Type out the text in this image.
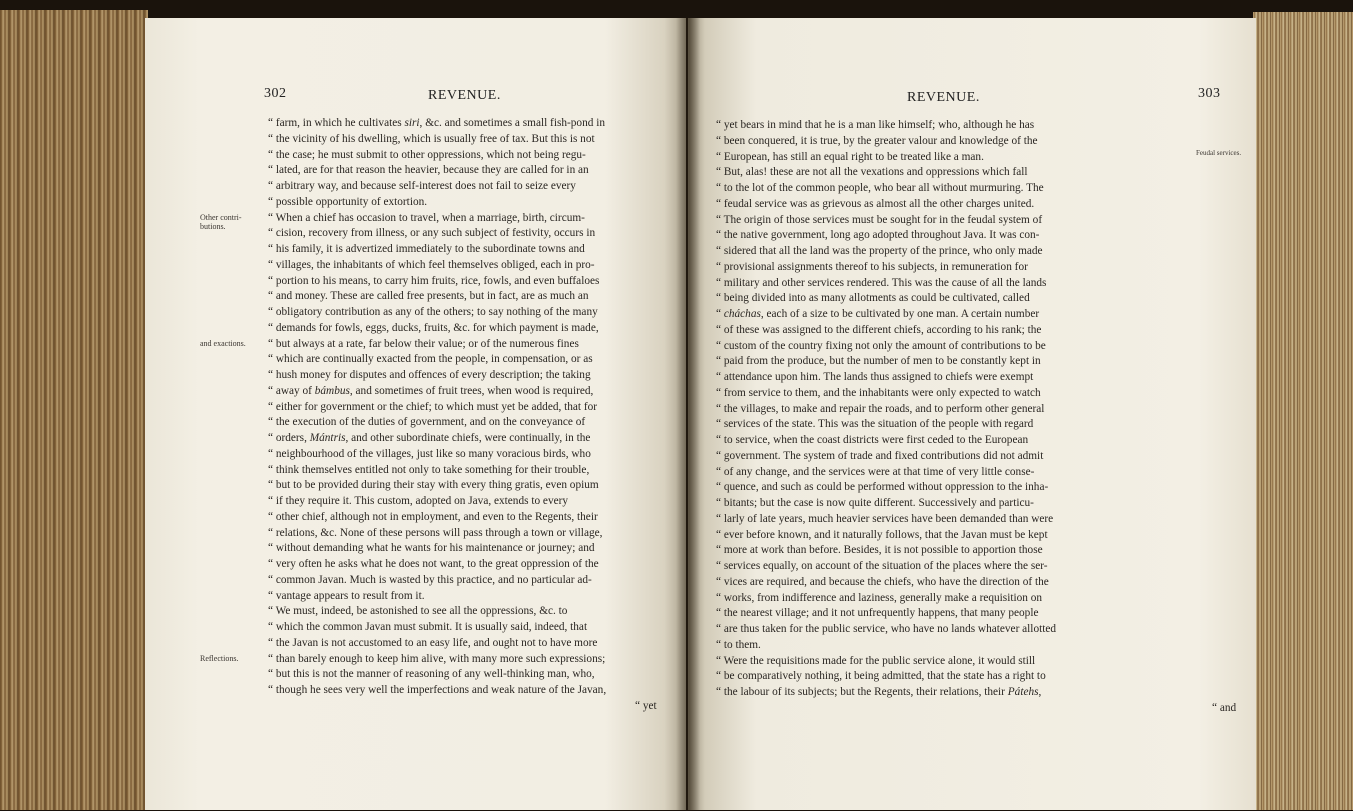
302	REVENUE.	REVENUE.	303
“ farm, in which he cultivates siri, &c. and sometimes a small fish-pond in
“ the vicinity of his dwelling, which is usually free of tax. But this is not
“ the case; he must submit to other oppressions, which not being regu-
“ lated, are for that reason the heavier, because they are called for in an
“ arbitrary way, and because self-interest does not fail to seize every
“ possible opportunity of extortion.
“ When a chief has occasion to travel, when a marriage, birth, circum-
“ cision, recovery from illness, or any such subject of festivity, occurs in
“ his family, it is advertized immediately to the subordinate towns and
“ villages, the inhabitants of which feel themselves obliged, each in pro-
“ portion to his means, to carry him fruits, rice, fowls, and even buffaloes
“ and money. These are called free presents, but in fact, are as much an
“ obligatory contribution as any of the others; to say nothing of the many
“ demands for fowls, eggs, ducks, fruits, &c. for which payment is made,
“ but always at a rate, far below their value; or of the numerous fines
“ which are continually exacted from the people, in compensation, or as
“ hush money for disputes and offences of every description; the taking
“ away of bámbus, and sometimes of fruit trees, when wood is required,
“ either for government or the chief; to which must yet be added, that for
“ the execution of the duties of government, and on the conveyance of
“ orders, Mántris, and other subordinate chiefs, were continually, in the
“ neighbourhood of the villages, just like so many voracious birds, who
“ think themselves entitled not only to take something for their trouble,
“ but to be provided during their stay with every thing gratis, even opium
“ if they require it. This custom, adopted on Java, extends to every
“ other chief, although not in employment, and even to the Regents, their
“ relations, &c. None of these persons will pass through a town or village,
“ without demanding what he wants for his maintenance or journey; and
“ very often he asks what he does not want, to the great oppression of the
“ common Javan. Much is wasted by this practice, and no particular ad-
“ vantage appears to result from it.
“ We must, indeed, be astonished to see all the oppressions, &c. to
“ which the common Javan must submit. It is usually said, indeed, that
“ the Javan is not accustomed to an easy life, and ought not to have more
“ than barely enough to keep him alive, with many more such expressions;
“ but this is not the manner of reasoning of any well-thinking man, who,
“ though he sees very well the imperfections and weak nature of the Javan,
“ yet
“ yet bears in mind that he is a man like himself; who, although he has
“ been conquered, it is true, by the greater valour and knowledge of the
“ European, has still an equal right to be treated like a man.
“ But, alas! these are not all the vexations and oppressions which fall
“ to the lot of the common people, who bear all without murmuring. The
“ feudal service was as grievous as almost all the other charges united.
“ The origin of those services must be sought for in the feudal system of
“ the native government, long ago adopted throughout Java. It was con-
“ sidered that all the land was the property of the prince, who only made
“ provisional assignments thereof to his subjects, in remuneration for
“ military and other services rendered. This was the cause of all the lands
“ being divided into as many allotments as could be cultivated, called
“ cháchas, each of a size to be cultivated by one man. A certain number
“ of these was assigned to the different chiefs, according to his rank; the
“ custom of the country fixing not only the amount of contributions to be
“ paid from the produce, but the number of men to be constantly kept in
“ attendance upon him. The lands thus assigned to chiefs were exempt
“ from service to them, and the inhabitants were only expected to watch
“ the villages, to make and repair the roads, and to perform other general
“ services of the state. This was the situation of the people with regard
“ to service, when the coast districts were first ceded to the European
“ government. The system of trade and fixed contributions did not admit
“ of any change, and the services were at that time of very little conse-
“ quence, and such as could be performed without oppression to the inha-
“ bitants; but the case is now quite different. Successively and particu-
“ larly of late years, much heavier services have been demanded than were
“ ever before known, and it naturally follows, that the Javan must be kept
“ more at work than before. Besides, it is not possible to apportion those
“ services equally, on account of the situation of the places where the ser-
“ vices are required, and because the chiefs, who have the direction of the
“ works, from indifference and laziness, generally make a requisition on
“ the nearest village; and it not unfrequently happens, that many people
“ are thus taken for the public service, who have no lands whatever allotted
“ to them.
“ Were the requisitions made for the public service alone, it would still
“ be comparatively nothing, it being admitted, that the state has a right to
“ the labour of its subjects; but the Regents, their relations, their Pátehs,
“ and
Other contri-
butions.
and exactions.
Reflections.
Feudal services.
